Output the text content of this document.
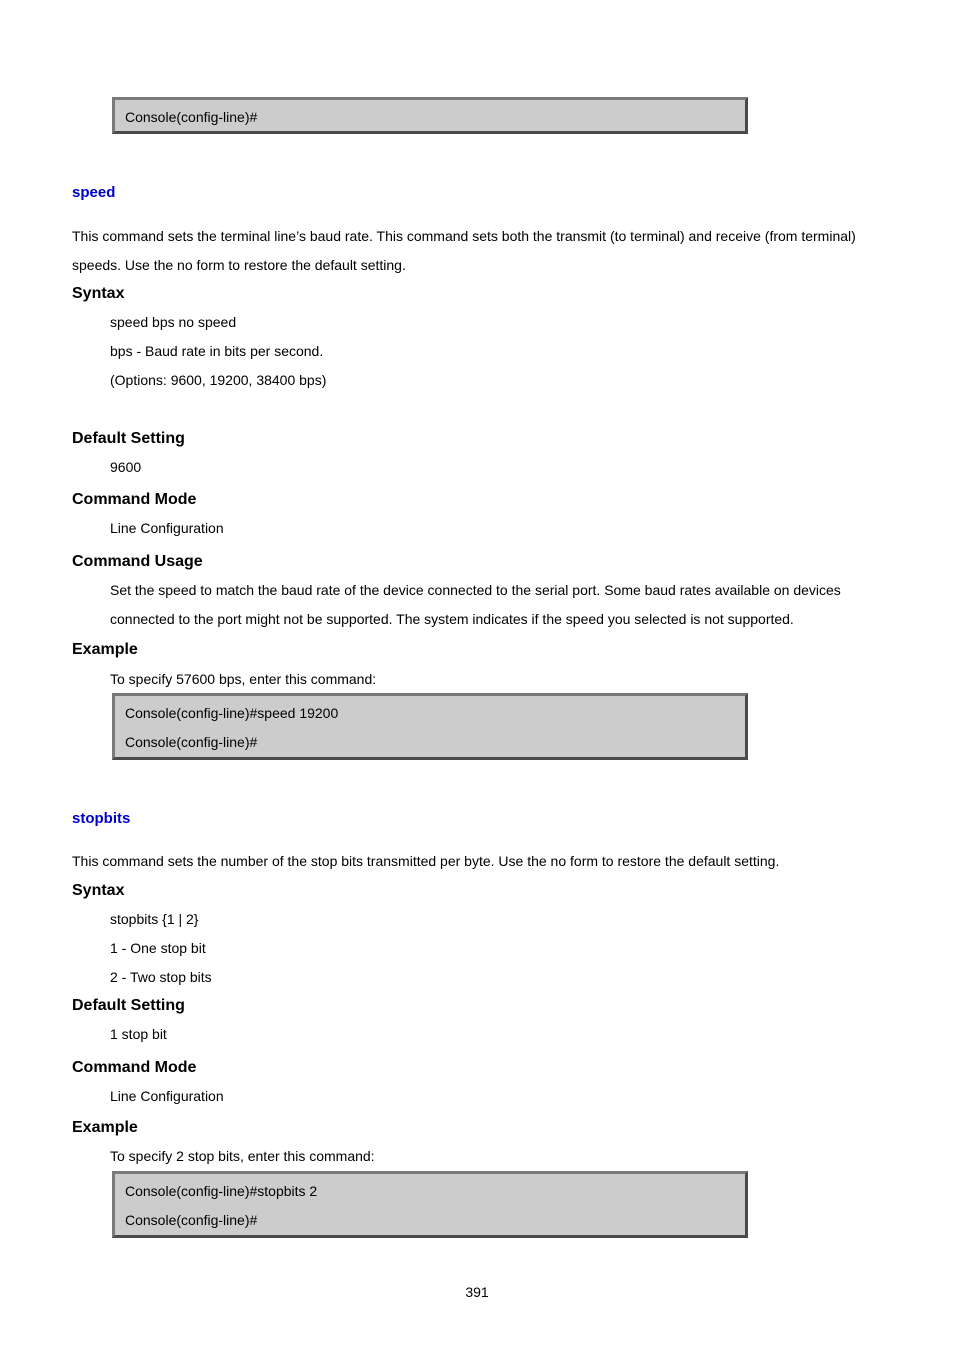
Console(config-line)#
speed
This command sets the terminal line’s baud rate. This command sets both the transmit (to terminal) and receive (from terminal)
speeds. Use the no form to restore the default setting.
Syntax
speed bps no speed
bps - Baud rate in bits per second.
(Options: 9600, 19200, 38400 bps)
Default Setting
9600
Command Mode
Line Configuration
Command Usage
Set the speed to match the baud rate of the device connected to the serial port. Some baud rates available on devices
connected to the port might not be supported. The system indicates if the speed you selected is not supported.
Example
To specify 57600 bps, enter this command:
Console(config-line)#speed 19200
Console(config-line)#
stopbits
This command sets the number of the stop bits transmitted per byte. Use the no form to restore the default setting.
Syntax
stopbits {1 | 2}
1 - One stop bit
2 - Two stop bits
Default Setting
1 stop bit
Command Mode
Line Configuration
Example
To specify 2 stop bits, enter this command:
Console(config-line)#stopbits 2
Console(config-line)#
391
